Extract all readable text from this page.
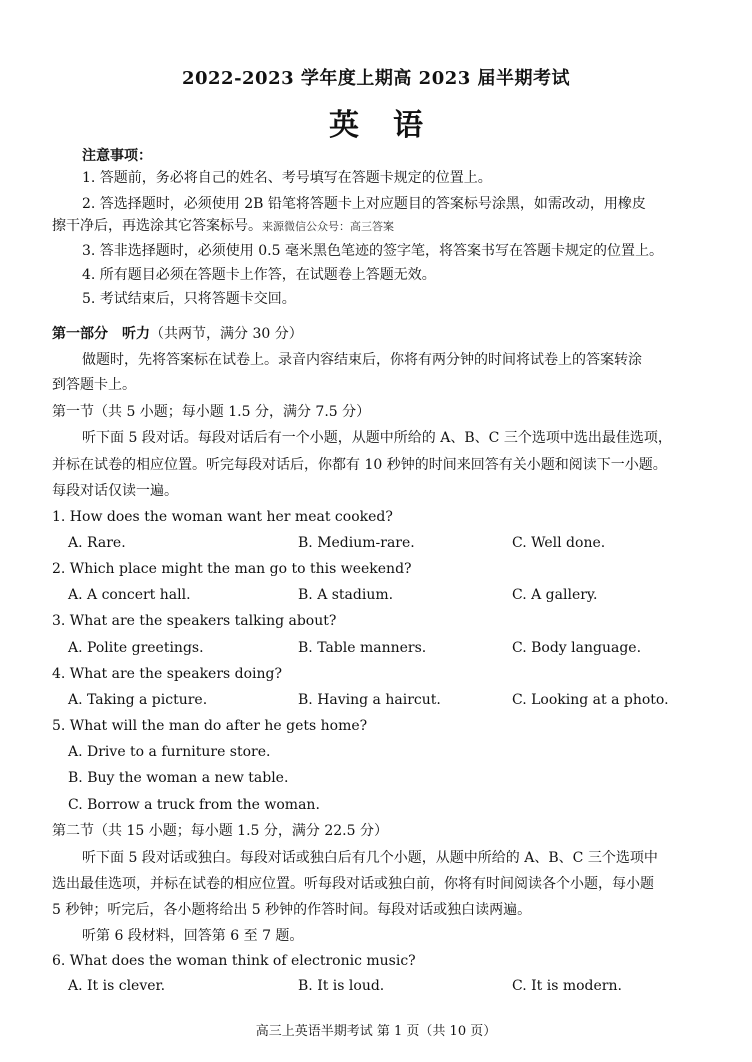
2022-2023 学年度上期高 2023 届半期考试
英语
注意事项：
1. 答题前，务必将自己的姓名、考号填写在答题卡规定的位置上。
2. 答选择题时，必须使用 2B 铅笔将答题卡上对应题目的答案标号涂黑，如需改动，用橡皮
擦干净后，再选涂其它答案标号。来源微信公众号：高三答案
3. 答非选择题时，必须使用 0.5 毫米黑色笔迹的签字笔，将答案书写在答题卡规定的位置上。
4. 所有题目必须在答题卡上作答，在试题卷上答题无效。
5. 考试结束后，只将答题卡交回。
第一部分　听力（共两节，满分 30 分）
做题时，先将答案标在试卷上。录音内容结束后，你将有两分钟的时间将试卷上的答案转涂
到答题卡上。
第一节（共 5 小题；每小题 1.5 分，满分 7.5 分）
听下面 5 段对话。每段对话后有一个小题，从题中所给的 A、B、C 三个选项中选出最佳选项，
并标在试卷的相应位置。听完每段对话后，你都有 10 秒钟的时间来回答有关小题和阅读下一小题。
每段对话仅读一遍。
1. How does the woman want her meat cooked?
A. Rare.	B. Medium-rare.	C. Well done.
2. Which place might the man go to this weekend?
A. A concert hall.	B. A stadium.	C. A gallery.
3. What are the speakers talking about?
A. Polite greetings.	B. Table manners.	C. Body language.
4. What are the speakers doing?
A. Taking a picture.	B. Having a haircut.	C. Looking at a photo.
5. What will the man do after he gets home?
A. Drive to a furniture store.
B. Buy the woman a new table.
C. Borrow a truck from the woman.
第二节（共 15 小题；每小题 1.5 分，满分 22.5 分）
听下面 5 段对话或独白。每段对话或独白后有几个小题，从题中所给的 A、B、C 三个选项中
选出最佳选项，并标在试卷的相应位置。听每段对话或独白前，你将有时间阅读各个小题，每小题
5 秒钟；听完后，各小题将给出 5 秒钟的作答时间。每段对话或独白读两遍。
听第 6 段材料，回答第 6 至 7 题。
6. What does the woman think of electronic music?
A. It is clever.	B. It is loud.	C. It is modern.
高三上英语半期考试 第 1 页（共 10 页）
